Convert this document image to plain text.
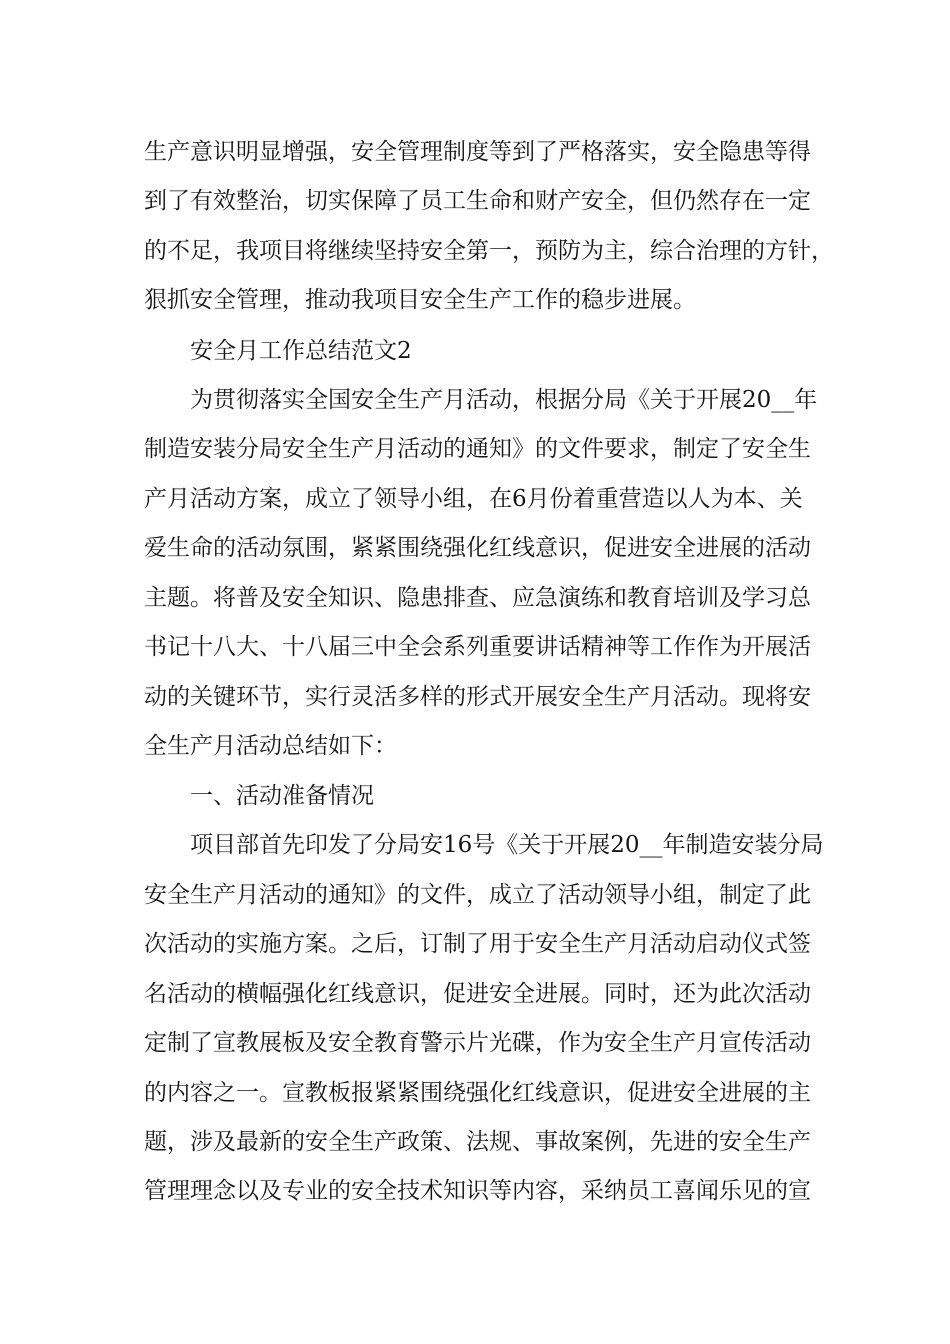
生产意识明显增强，安全管理制度等到了严格落实，安全隐患等得

到了有效整治，切实保障了员工生命和财产安全，但仍然存在一定

的不足，我项目将继续坚持安全第一，预防为主，综合治理的方针，

狠抓安全管理，推动我项目安全生产工作的稳步进展。

安全月工作总结范文2

为贯彻落实全国安全生产月活动，根据分局《关于开展20__年

制造安装分局安全生产月活动的通知》的文件要求，制定了安全生

产月活动方案，成立了领导小组，在6月份着重营造以人为本、关

爱生命的活动氛围，紧紧围绕强化红线意识，促进安全进展的活动

主题。将普及安全知识、隐患排查、应急演练和教育培训及学习总

书记十八大、十八届三中全会系列重要讲话精神等工作作为开展活

动的关键环节，实行灵活多样的形式开展安全生产月活动。现将安

全生产月活动总结如下：

一、活动准备情况

项目部首先印发了分局安16号《关于开展20__年制造安装分局

安全生产月活动的通知》的文件，成立了活动领导小组，制定了此

次活动的实施方案。之后，订制了用于安全生产月活动启动仪式签

名活动的横幅强化红线意识，促进安全进展。同时，还为此次活动

定制了宣教展板及安全教育警示片光碟，作为安全生产月宣传活动

的内容之一。宣教板报紧紧围绕强化红线意识，促进安全进展的主

题，涉及最新的安全生产政策、法规、事故案例，先进的安全生产

管理理念以及专业的安全技术知识等内容，采纳员工喜闻乐见的宣
